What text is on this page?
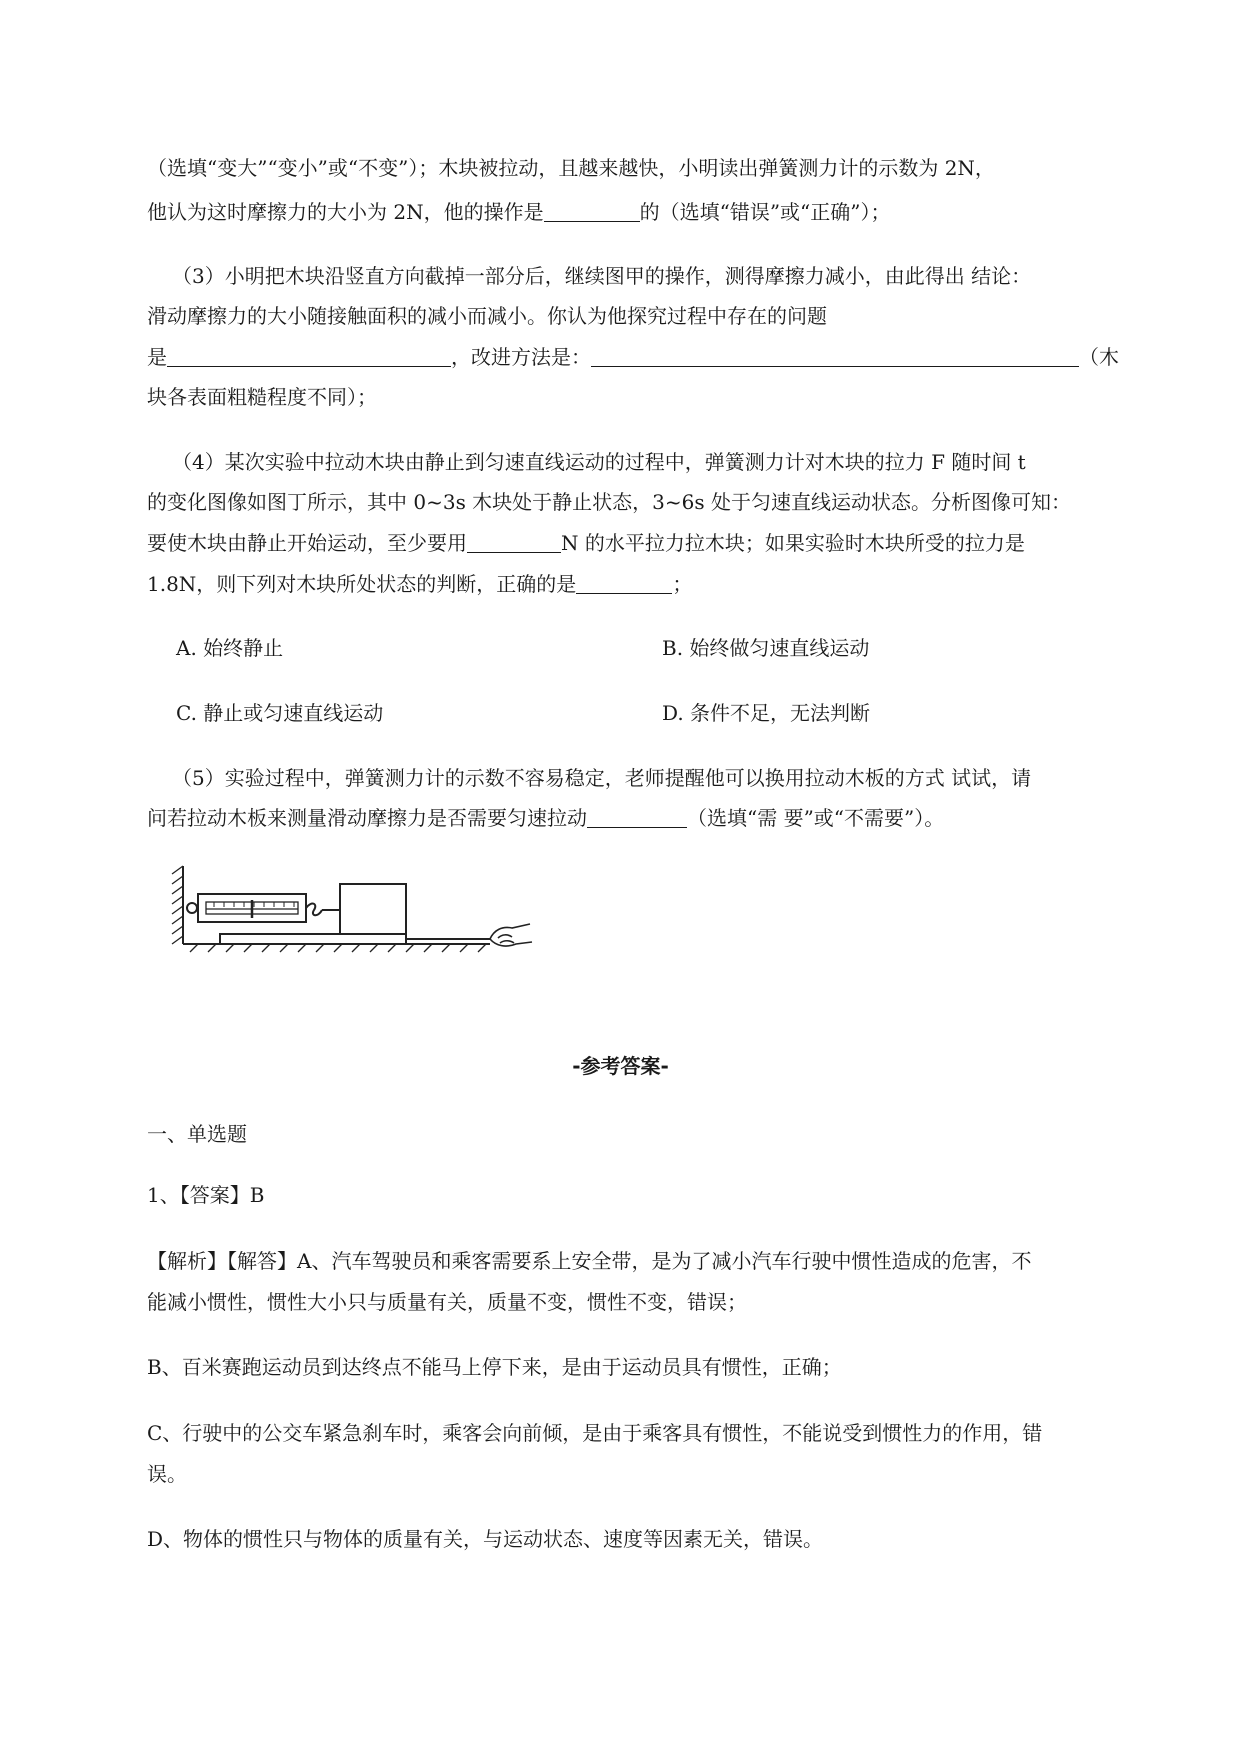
（选填“变大”“变小”或“不变”）；木块被拉动，且越来越快，小明读出弹簧测力计的示数为 2N，
他认为这时摩擦力的大小为 2N，他的操作是	的（选填“错误”或“正确”）；
（3）小明把木块沿竖直方向截掉一部分后，继续图甲的操作，测得摩擦力减小，由此得出 结论：
滑动摩擦力的大小随接触面积的减小而减小。你认为他探究过程中存在的问题
是	，改进方法是：	（木
块各表面粗糙程度不同）；
（4）某次实验中拉动木块由静止到匀速直线运动的过程中，弹簧测力计对木块的拉力 F 随时间 t
的变化图像如图丁所示，其中 0~3s 木块处于静止状态，3~6s 处于匀速直线运动状态。分析图像可知：
要使木块由静止开始运动，至少要用	N 的水平拉力拉木块；如果实验时木块所受的拉力是
1.8N，则下列对木块所处状态的判断，正确的是	；
A. 始终静止	B. 始终做匀速直线运动
C. 静止或匀速直线运动	D. 条件不足，无法判断
（5）实验过程中，弹簧测力计的示数不容易稳定，老师提醒他可以换用拉动木板的方式 试试，请
问若拉动木板来测量滑动摩擦力是否需要匀速拉动	（选填“需 要”或“不需要”）。
-参考答案-
一、单选题
1、【答案】B
【解析】【解答】A、汽车驾驶员和乘客需要系上安全带，是为了减小汽车行驶中惯性造成的危害，不
能减小惯性，惯性大小只与质量有关，质量不变，惯性不变，错误；
B、百米赛跑运动员到达终点不能马上停下来，是由于运动员具有惯性，正确；
C、行驶中的公交车紧急刹车时，乘客会向前倾，是由于乘客具有惯性，不能说受到惯性力的作用，错
误。
D、物体的惯性只与物体的质量有关，与运动状态、速度等因素无关，错误。
